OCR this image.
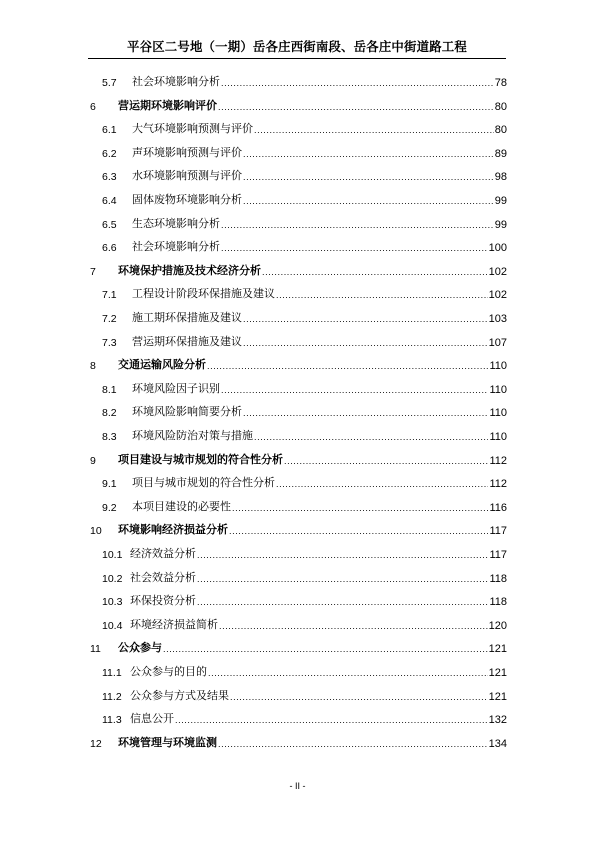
平谷区二号地（一期）岳各庄西街南段、岳各庄中街道路工程
5.7	社会环境影响分析 .....	78
6	营运期环境影响评价 .....	80
6.1	大气环境影响预测与评价 .....	80
6.2	声环境影响预测与评价 .....	89
6.3	水环境影响预测与评价 .....	98
6.4	固体废物环境影响分析 .....	99
6.5	生态环境影响分析 .....	99
6.6	社会环境影响分析 .....	100
7	环境保护措施及技术经济分析 .....	102
7.1	工程设计阶段环保措施及建议 .....	102
7.2	施工期环保措施及建议 .....	103
7.3	营运期环保措施及建议 .....	107
8	交通运输风险分析 .....	110
8.1	环境风险因子识别 .....	110
8.2	环境风险影响简要分析 .....	110
8.3	环境风险防治对策与措施 .....	110
9	项目建设与城市规划的符合性分析 .....	112
9.1	项目与城市规划的符合性分析 .....	112
9.2	本项目建设的必要性 .....	116
10	环境影响经济损益分析 .....	117
10.1 经济效益分析 .....	117
10.2 社会效益分析 .....	118
10.3 环保投资分析 .....	118
10.4 环境经济损益简析 .....	120
11	公众参与 .....	121
11.1 公众参与的目的 .....	121
11.2 公众参与方式及结果 .....	121
11.3 信息公开 .....	132
12	环境管理与环境监测 .....	134
- II -
